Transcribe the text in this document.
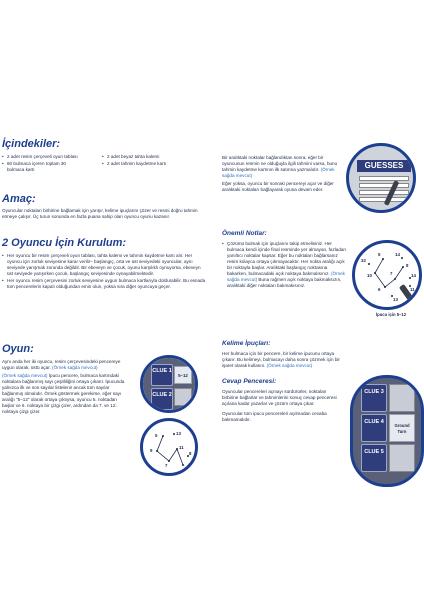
İçindekiler:
• 2 adet resim çerçeveli oyun tablası
• 60 bulmaca içeren toplam 30 bulmaca kartı
• 2 adet beyaz tahta kalemi
• 2 adet tahmin kaydetme kartı
Amaç:

Oyuncular noktaları birbirine bağlamak için yarışır, kelime ipuçlarını çözer ve resmi doğru tahmin etmeye çalışır. Üç turun sonunda en fazla puana sahip olan oyuncu oyunu kazanır.

2 Oyuncu İçin Kurulum:
• Her oyuncu bir resim çerçeveli oyun tablası, tahta kalemi ve tahmin kaydetme kartı alır. Her oyuncu için zorluk seviyesine karar verilir– başlangıç, orta ve üst seviyedeki oyuncular, aynı seviyede yarışmak zorunda değildir. Bir ebeveyn ve çocuk, oyunu karşılıklı oynuyorsa, ebeveyn üst seviyede yarışırken çocuk, başlangıç seviyesinde oynayabilmektedir.
• Her oyuncu resim çerçevesini zorluk seviyesine uygun bulmaca kartlarıyla doldurabilir. Bu esnada tüm pencerelerin kapalı olduğundan emin olun, yoksa sıra diğer oyuncuya geçer.
Oyun:

Aynı anda her iki oyuncu, resim çerçevesindeki pencereye uygun olarak, üstü açar. (Örnek sağda mevcut)

(Örnek sağda mevcut) İpucu pencere, bulmaca kartındaki noktalara bağlanmış sayı çeşitliliğini ortaya çıkarır. İpucunda yalnızca ilk ve son sayılar listelenir ancak tüm sayılar bağlanmış olmalıdır. Örnek göstermek gerekirse, eğer sayı aralığı "5–12" olarak ortaya çıktıysa, oyuncu 5. noktadan başlar ve 6. noktaya bir çizgi çizer, ardından da 7. ve 12. noktaya çizgi çizer.

CLUE 1
5–12
CLUE 2
5	13
9
7
11
8

Bir aralıktaki noktalar bağlandıktan sonra, eğer bir oyuncunun resmin ne olduğuyla ilgili tahmini varsa, bunu tahmin kaydetme kartının ilk satırına yazmalıdır. (Örnek sağda mevcut)

Eğer yoksa, oyuncu bir sonraki pencereyi açar ve diğer aralıktaki noktaları bağlayarak oyuna devam eder.

GUESSES
Önemli Notlar:
• Çözümü bulmak için ipuçlarını takip etmelisiniz. Her bulmaca kendi içinde final resminde yer almayan, fazladan yanıltıcı noktalar kapsar. Eğer bu noktaları bağlarsanız resim kolayca ortaya çıkmayacaktır. Her nokta aralığı açık bir noktayla başlar. Aralıktaki başlangıç noktasına bakarken, bulmacadaki açık noktaya bakmalısınız. (Örnek sağda mevcut) Buna rağmen açık noktaya bakmaksızın, aralıktaki diğer noktaları bakmakısınız.
14
32
5
10
6
7
8
13
14
11
İpucu için 5–12
Kelime İpuçları:

Her bulmaca için bir pencere, bir kelime ipucunu ortaya çıkarır. Bu kelimeyi, bulmacayı daha sonra çözmek için bir işaret olarak kullanın. (Örnek sağda mevcut)

Cevap Penceresi:

Oyuncular pencereleri açmayı sürdürürler, noktaları birbirine bağlarlar ve tahminlerini sonuç cevap penceresi açılana kadar yazarlar ve çözüm ortaya çıkar.

Oyuncular tüm ipucu pencereleri açılmadan cevaba bakmamalıdır.

CLUE 3
CLUE 4
Ground Turn
CLUE 5
